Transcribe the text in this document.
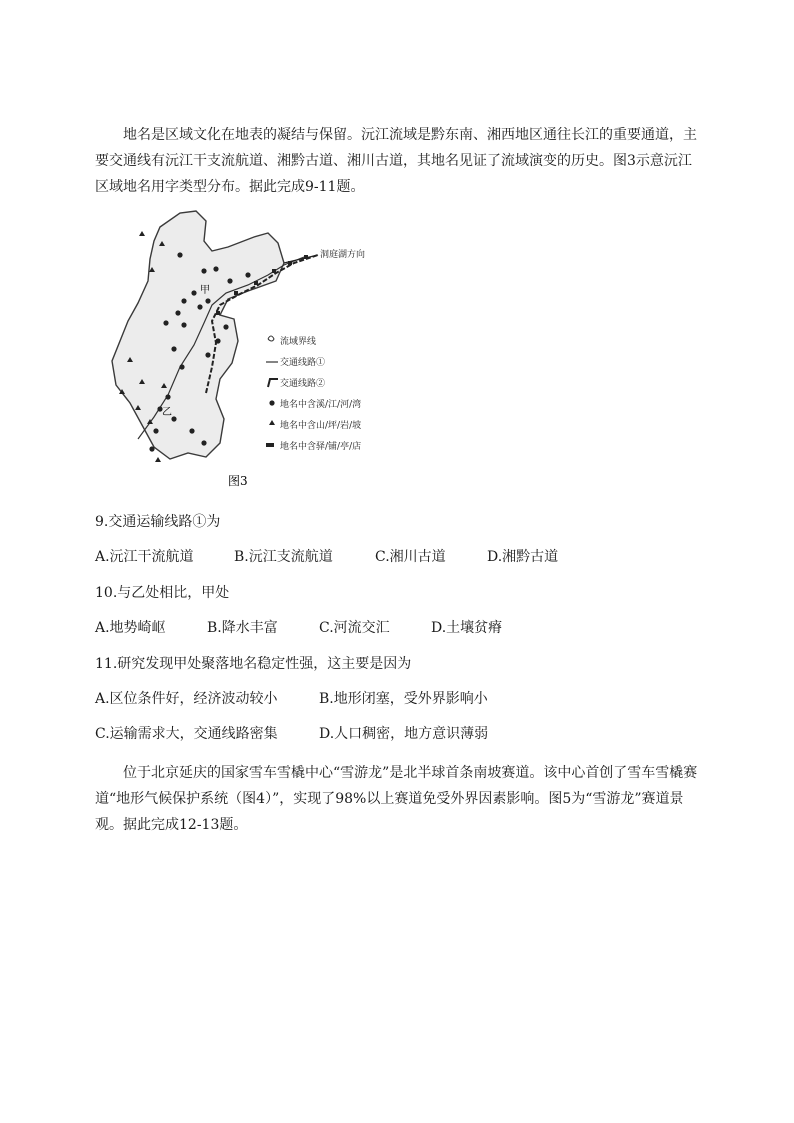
地名是区域文化在地表的凝结与保留。沅江流域是黔东南、湘西地区通往长江的重要通道，主要交通线有沅江干支流航道、湘黔古道、湘川古道，其地名见证了流域演变的历史。图3示意沅江区域地名用字类型分布。据此完成9-11题。

洞庭湖方向
甲
乙
流域界线
交通线路①
交通线路②
地名中含溪/江/河/湾
地名中含山/坪/岩/坡
地名中含驿/铺/亭/店
图3

9.交通运输线路①为

A.沅江干流航道	B.沅江支流航道	C.湘川古道	D.湘黔古道

10.与乙处相比，甲处

A.地势崎岖	B.降水丰富	C.河流交汇	D.土壤贫瘠

11.研究发现甲处聚落地名稳定性强，这主要是因为

A.区位条件好，经济波动较小	B.地形闭塞，受外界影响小
C.运输需求大，交通线路密集	D.人口稠密，地方意识薄弱

位于北京延庆的国家雪车雪橇中心“雪游龙”是北半球首条南坡赛道。该中心首创了雪车雪橇赛道“地形气候保护系统（图4）”，实现了98%以上赛道免受外界因素影响。图5为“雪游龙”赛道景观。据此完成12-13题。
